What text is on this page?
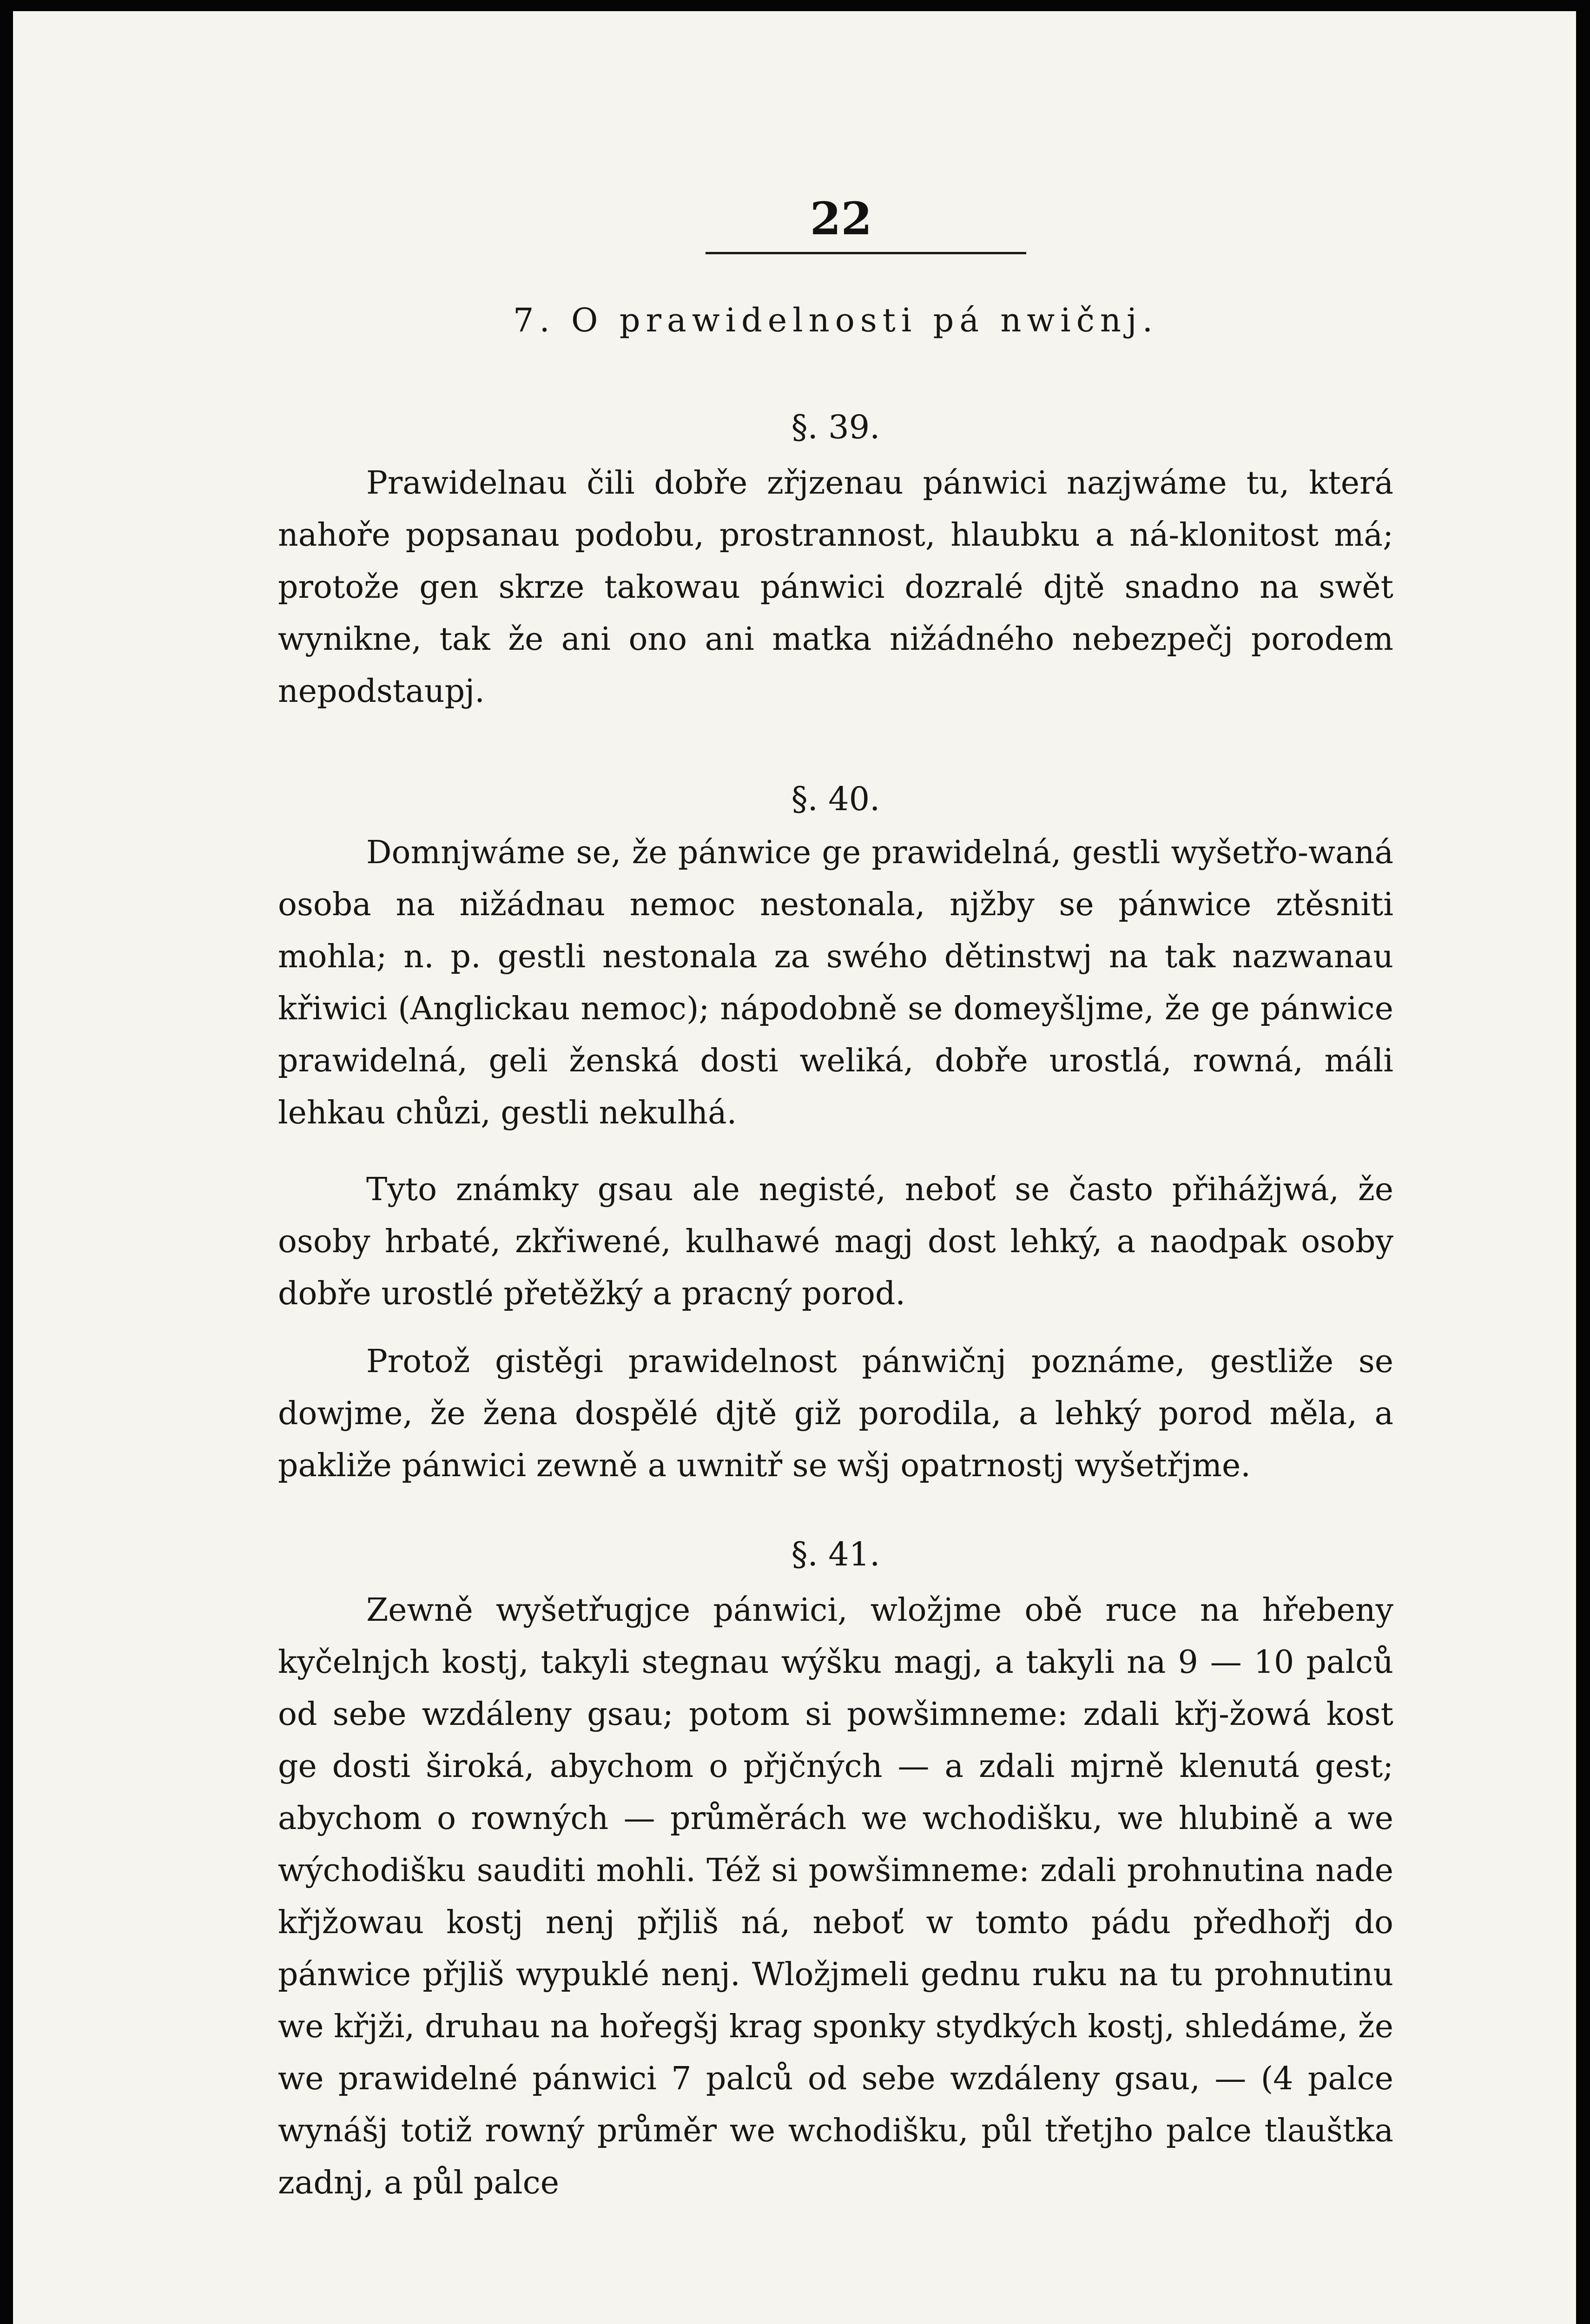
22
7. O prawidelnosti pá nwičnj.
§. 39.

Prawidelnau čili dobře zřjzenau pánwici nazjwáme tu, která nahoře popsanau podobu, prostrannost, hlaubku a ná-klonitost má; protože gen skrze takowau pánwici dozralé djtě snadno na swět wynikne, tak že ani ono ani matka nižádného nebezpečj porodem nepodstaupj.

§. 40.

Domnjwáme se, že pánwice ge prawidelná, gestli wyšetřo-waná osoba na nižádnau nemoc nestonala, njžby se pánwice ztěsniti mohla; n. p. gestli nestonala za swého dětinstwj na tak nazwanau křiwici (Anglickau nemoc); nápodobně se domeyšljme, že ge pánwice prawidelná, geli ženská dosti weliká, dobře urostlá, rowná, máli lehkau chůzi, gestli nekulhá.

Tyto známky gsau ale negisté, neboť se často přihážjwá, že osoby hrbaté, zkřiwené, kulhawé magj dost lehký, a naodpak osoby dobře urostlé přetěžký a pracný porod.

Protož gistěgi prawidelnost pánwičnj poznáme, gestliže se dowjme, že žena dospělé djtě giž porodila, a lehký porod měla, a pakliže pánwici zewně a uwnitř se wšj opatrnostj wyšetřjme.

§. 41.

Zewně wyšetřugjce pánwici, wložjme obě ruce na hřebeny kyčelnjch kostj, takyli stegnau wýšku magj, a takyli na 9 — 10 palců od sebe wzdáleny gsau; potom si powšimneme: zdali křj-žowá kost ge dosti široká, abychom o přjčných — a zdali mjrně klenutá gest; abychom o rowných — průměrách we wchodišku, we hlubině a we wýchodišku sauditi mohli. Též si powšimneme: zdali prohnutina nade křjžowau kostj nenj přjliš ná, neboť w tomto pádu předhořj do pánwice přjliš wypuklé nenj. Wložjmeli gednu ruku na tu prohnutinu we křjži, druhau na hořegšj krag sponky stydkých kostj, shledáme, že we prawidelné pánwici 7 palců od sebe wzdáleny gsau, — (4 palce wynášj totiž rowný průměr we wchodišku, půl třetjho palce tlauštka zadnj, a půl palce
